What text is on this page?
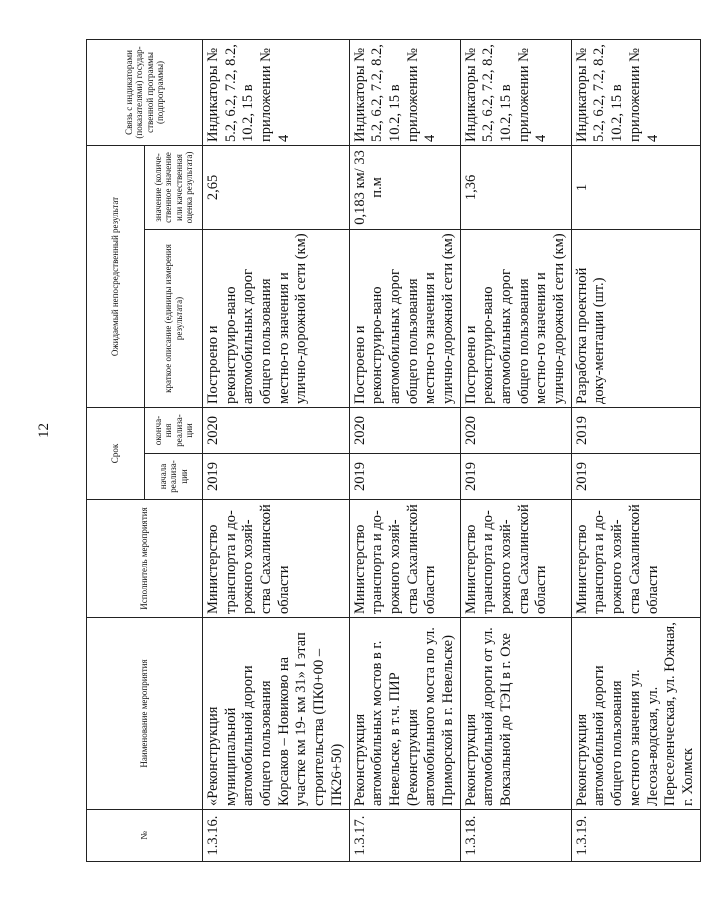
12
№	Наименование мероприятия	Исполнитель мероприятия	Срок		Ожидаемый непосредственный результат		Связь с индикаторами (показателями) государ-ственной программы (подпрограммы)
			начала реализа-ции	оконча-ния реализа-ции	краткое описание (единицы измерения результата)	значение (количе-ственное значение или качественная оценка результата)	
1.3.16.	«Реконструкция муниципальной автомобильной дороги общего пользования Корсаков – Новиково на участке км 19- км 31» I этап строительства (ПК0+00 – ПК26+50)	Министерство транспорта и до-рожного хозяй-ства Сахалинской области	2019	2020	Построено и реконструиро-вано автомобильных дорог общего пользования местно-го значения и улично-дорожной сети (км)	2,65	Индикаторы № 5.2, 6.2, 7.2, 8.2, 10.2, 15 в приложении № 4
1.3.17.	Реконструкция автомобильных мостов в г. Невельске, в т.ч. ПИР (Реконструкция автомобильного моста по ул. Приморской в г. Невельске)	Министерство транспорта и до-рожного хозяй-ства Сахалинской области	2019	2020	Построено и реконструиро-вано автомобильных дорог общего пользования местно-го значения и улично-дорожной сети (км)	0,183 км/ 33 п.м	Индикаторы № 5.2, 6.2, 7.2, 8.2, 10.2, 15 в приложении № 4
1.3.18.	Реконструкция автомобильной дороги от ул. Вокзальной до ТЭЦ в г. Охе	Министерство транспорта и до-рожного хозяй-ства Сахалинской области	2019	2020	Построено и реконструиро-вано автомобильных дорог общего пользования местно-го значения и улично-дорожной сети (км)	1,36	Индикаторы № 5.2, 6.2, 7.2, 8.2, 10.2, 15 в приложении № 4
1.3.19.	Реконструкция автомобильной дороги общего пользования местного значения ул. Лесоза-водская, ул. Переселенческая, ул. Южная, г. Холмск	Министерство транспорта и до-рожного хозяй-ства Сахалинской области	2019	2019	Разработка проектной доку-ментации (шт.)	1	Индикаторы № 5.2, 6.2, 7.2, 8.2, 10.2, 15 в приложении № 4
